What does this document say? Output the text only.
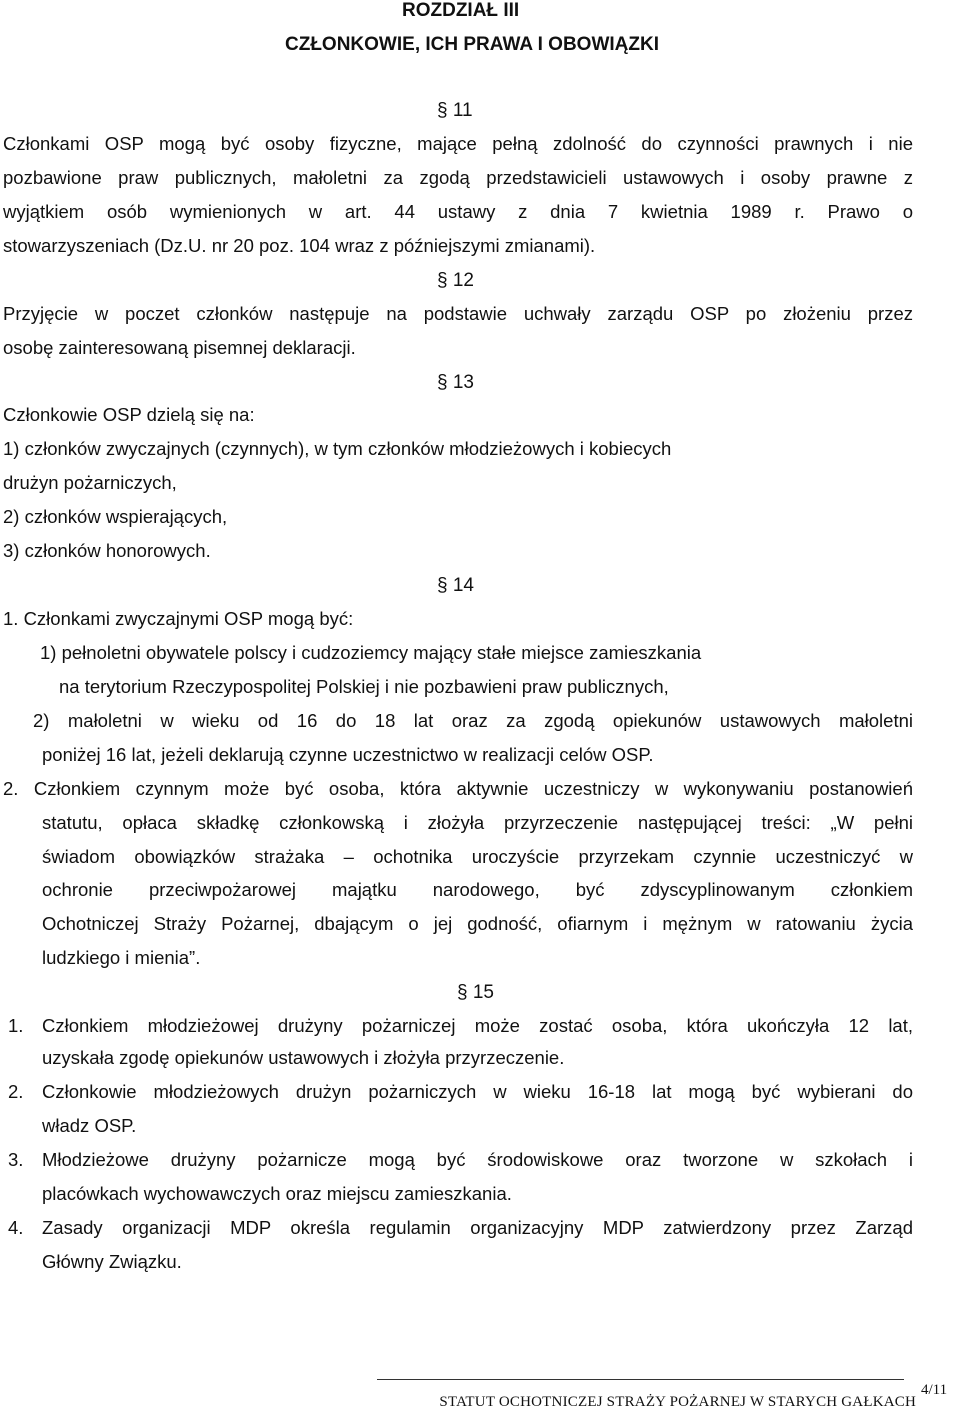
ROZDZIAŁ III
CZŁONKOWIE, ICH PRAWA I OBOWIĄZKI
§ 11
Członkami OSP mogą być osoby fizyczne, mające pełną zdolność do czynności prawnych i nie
pozbawione praw publicznych, małoletni za zgodą przedstawicieli ustawowych i osoby prawne z
wyjątkiem osób wymienionych w art. 44 ustawy z dnia 7 kwietnia 1989 r. Prawo o
stowarzyszeniach (Dz.U. nr 20 poz. 104 wraz z późniejszymi zmianami).
§ 12
Przyjęcie w poczet członków następuje na podstawie uchwały zarządu OSP po złożeniu przez
osobę zainteresowaną pisemnej deklaracji.
§ 13
Członkowie OSP dzielą się na:
1) członków zwyczajnych (czynnych), w tym członków młodzieżowych i kobiecych
drużyn pożarniczych,
2) członków wspierających,
3) członków honorowych.
§ 14
1. Członkami zwyczajnymi OSP mogą być:
1) pełnoletni obywatele polscy i cudzoziemcy mający stałe miejsce zamieszkania
na terytorium Rzeczypospolitej Polskiej i nie pozbawieni praw publicznych,
2) małoletni w wieku od 16 do 18 lat oraz za zgodą opiekunów ustawowych małoletni
poniżej 16 lat, jeżeli deklarują czynne uczestnictwo w realizacji celów OSP.
2. Członkiem czynnym może być osoba, która aktywnie uczestniczy w wykonywaniu postanowień
statutu, opłaca składkę członkowską i złożyła przyrzeczenie następującej treści: „W pełni
świadom obowiązków strażaka – ochotnika uroczyście przyrzekam czynnie uczestniczyć w
ochronie przeciwpożarowej majątku narodowego, być zdyscyplinowanym członkiem
Ochotniczej Straży Pożarnej, dbającym o jej godność, ofiarnym i mężnym w ratowaniu życia
ludzkiego i mienia”.
§ 15
1. Członkiem młodzieżowej drużyny pożarniczej może zostać osoba, która ukończyła 12 lat,
uzyskała zgodę opiekunów ustawowych i złożyła przyrzeczenie.
2. Członkowie młodzieżowych drużyn pożarniczych w wieku 16-18 lat mogą być wybierani do
władz OSP.
3. Młodzieżowe drużyny pożarnicze mogą być środowiskowe oraz tworzone w szkołach i
placówkach wychowawczych oraz miejscu zamieszkania.
4. Zasady organizacji MDP określa regulamin organizacyjny MDP zatwierdzony przez Zarząd
Główny Związku.
STATUT OCHOTNICZEJ STRAŻY POŻARNEJ W STARYCH GAŁKACH
4/11
